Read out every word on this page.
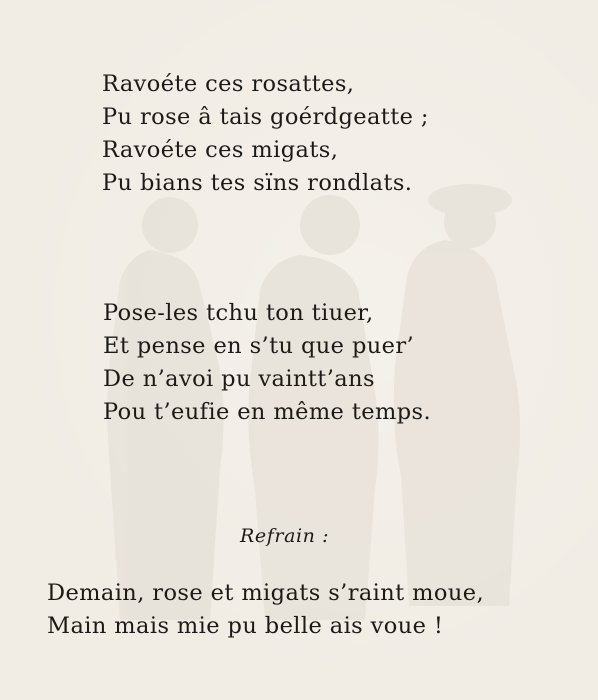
Ravoéte ces rosattes,
Pu rose â tais goérdgeatte ;
Ravoéte ces migats,
Pu bians tes sïns rondlats.
Pose-les tchu ton tiuer,
Et pense en s’tu que puer’
De n’avoi pu vaintt’ans
Pou t’eufie en même temps.
Refrain :
Demain, rose et migats s’raint moue,
Main mais mie pu belle ais voue !
